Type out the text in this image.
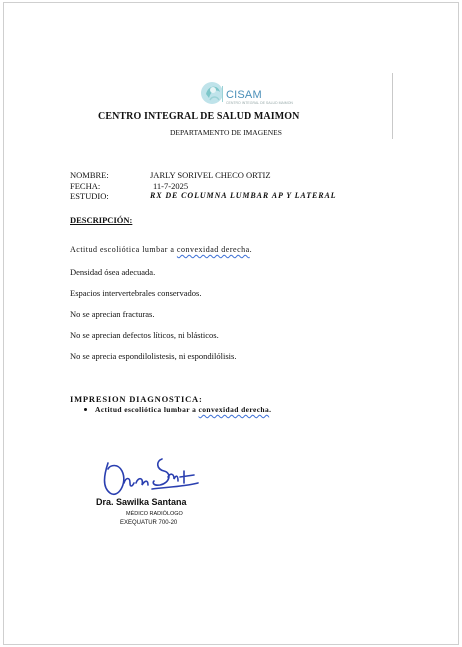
CISAM
CENTRO INTEGRAL DE SALUD MAIMON
CENTRO INTEGRAL DE SALUD MAIMON
DEPARTAMENTO DE IMAGENES
NOMBRE:	JARLY SORIVEL CHECO ORTIZ
FECHA:	11-7-2025
ESTUDIO:	RX DE COLUMNA LUMBAR AP Y LATERAL
DESCRIPCIÓN:
Actitud escoliótica lumbar a convexidad derecha.
Densidad ósea adecuada.
Espacios intervertebrales conservados.
No se aprecian fracturas.
No se aprecian defectos líticos, ni blásticos.
No se aprecia espondilolistesis, ni espondilólisis.
IMPRESION DIAGNOSTICA:
Actitud escoliótica lumbar a convexidad derecha.
Dra. Sawilka Santana
MÉDICO RADIÓLOGO
EXEQUATUR 700-20
